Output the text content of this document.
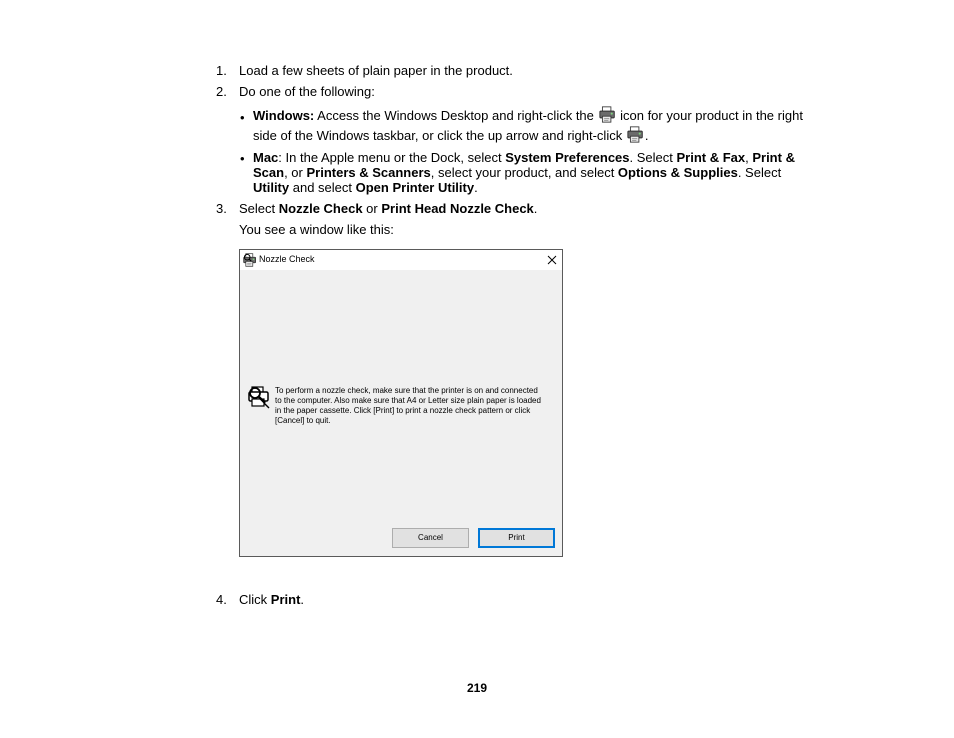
1. Load a few sheets of plain paper in the product.
2. Do one of the following:
• Windows: Access the Windows Desktop and right-click the  icon for your product in the right
side of the Windows taskbar, or click the up arrow and right-click .
• Mac: In the Apple menu or the Dock, select System Preferences. Select Print & Fax, Print &
Scan, or Printers & Scanners, select your product, and select Options & Supplies. Select
Utility and select Open Printer Utility.
3. Select Nozzle Check or Print Head Nozzle Check.
You see a window like this:
Nozzle Check
To perform a nozzle check, make sure that the printer is on and connected to the computer. Also make sure that A4 or Letter size plain paper is loaded in the paper cassette. Click [Print] to print a nozzle check pattern or click [Cancel] to quit.
Cancel	Print
4. Click Print.
219
